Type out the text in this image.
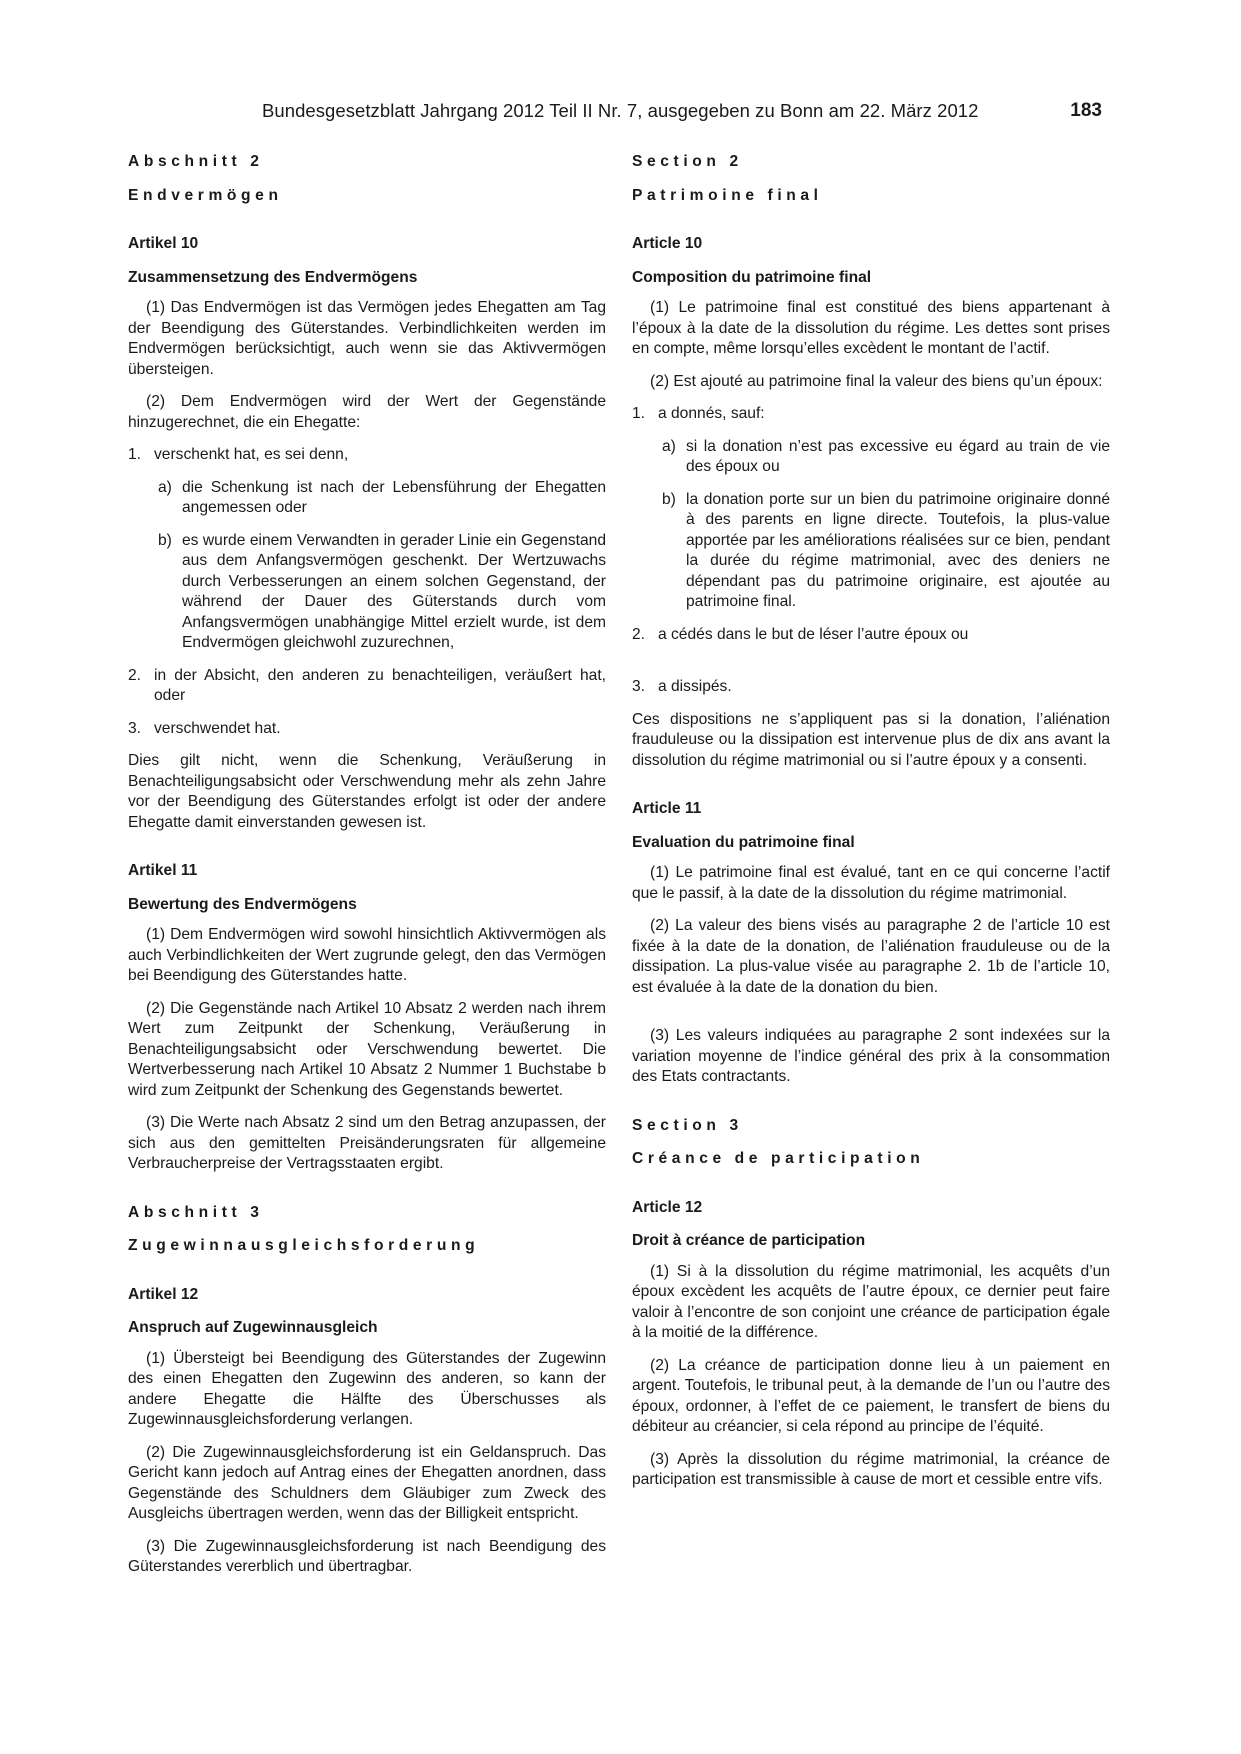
Bundesgesetzblatt Jahrgang 2012 Teil II Nr. 7, ausgegeben zu Bonn am 22. März 2012	183

Abschnitt 2

Endvermögen

Artikel 10

Zusammensetzung des Endvermögens

(1) Das Endvermögen ist das Vermögen jedes Ehegatten am Tag der Beendigung des Güterstandes. Verbindlichkeiten werden im Endvermögen berücksichtigt, auch wenn sie das Aktivvermögen übersteigen.

(2) Dem Endvermögen wird der Wert der Gegenstände hinzugerechnet, die ein Ehegatte:

1. verschenkt hat, es sei denn,
a) die Schenkung ist nach der Lebensführung der Ehegatten angemessen oder
b) es wurde einem Verwandten in gerader Linie ein Gegenstand aus dem Anfangsvermögen geschenkt. Der Wertzuwachs durch Verbesserungen an einem solchen Gegenstand, der während der Dauer des Güterstands durch vom Anfangsvermögen unabhängige Mittel erzielt wurde, ist dem Endvermögen gleichwohl zuzurechnen,
2. in der Absicht, den anderen zu benachteiligen, veräußert hat, oder
3. verschwendet hat.

Dies gilt nicht, wenn die Schenkung, Veräußerung in Benachteiligungsabsicht oder Verschwendung mehr als zehn Jahre vor der Beendigung des Güterstandes erfolgt ist oder der andere Ehegatte damit einverstanden gewesen ist.

Artikel 11

Bewertung des Endvermögens

(1) Dem Endvermögen wird sowohl hinsichtlich Aktivvermögen als auch Verbindlichkeiten der Wert zugrunde gelegt, den das Vermögen bei Beendigung des Güterstandes hatte.

(2) Die Gegenstände nach Artikel 10 Absatz 2 werden nach ihrem Wert zum Zeitpunkt der Schenkung, Veräußerung in Benachteiligungsabsicht oder Verschwendung bewertet. Die Wertverbesserung nach Artikel 10 Absatz 2 Nummer 1 Buchstabe b wird zum Zeitpunkt der Schenkung des Gegenstands bewertet.

(3) Die Werte nach Absatz 2 sind um den Betrag anzupassen, der sich aus den gemittelten Preisänderungsraten für allgemeine Verbraucherpreise der Vertragsstaaten ergibt.

Abschnitt 3

Zugewinnausgleichsforderung

Artikel 12

Anspruch auf Zugewinnausgleich

(1) Übersteigt bei Beendigung des Güterstandes der Zugewinn des einen Ehegatten den Zugewinn des anderen, so kann der andere Ehegatte die Hälfte des Überschusses als Zugewinnausgleichsforderung verlangen.

(2) Die Zugewinnausgleichsforderung ist ein Geldanspruch. Das Gericht kann jedoch auf Antrag eines der Ehegatten anordnen, dass Gegenstände des Schuldners dem Gläubiger zum Zweck des Ausgleichs übertragen werden, wenn das der Billigkeit entspricht.

(3) Die Zugewinnausgleichsforderung ist nach Beendigung des Güterstandes vererblich und übertragbar.

Section 2

Patrimoine final

Article 10

Composition du patrimoine final

(1) Le patrimoine final est constitué des biens appartenant à l’époux à la date de la dissolution du régime. Les dettes sont prises en compte, même lorsqu’elles excèdent le montant de l’actif.

(2) Est ajouté au patrimoine final la valeur des biens qu’un époux:

1. a donnés, sauf:
a) si la donation n’est pas excessive eu égard au train de vie des époux ou
b) la donation porte sur un bien du patrimoine originaire donné à des parents en ligne directe. Toutefois, la plus-value apportée par les améliorations réalisées sur ce bien, pendant la durée du régime matrimonial, avec des deniers ne dépendant pas du patrimoine originaire, est ajoutée au patrimoine final.
2. a cédés dans le but de léser l’autre époux ou
3. a dissipés.

Ces dispositions ne s’appliquent pas si la donation, l’aliénation frauduleuse ou la dissipation est intervenue plus de dix ans avant la dissolution du régime matrimonial ou si l’autre époux y a consenti.

Article 11

Evaluation du patrimoine final

(1) Le patrimoine final est évalué, tant en ce qui concerne l’actif que le passif, à la date de la dissolution du régime matrimonial.

(2) La valeur des biens visés au paragraphe 2 de l’article 10 est fixée à la date de la donation, de l’aliénation frauduleuse ou de la dissipation. La plus-value visée au paragraphe 2. 1b de l’article 10, est évaluée à la date de la donation du bien.

(3) Les valeurs indiquées au paragraphe 2 sont indexées sur la variation moyenne de l’indice général des prix à la consommation des Etats contractants.

Section 3

Créance de participation

Article 12

Droit à créance de participation

(1) Si à la dissolution du régime matrimonial, les acquêts d’un époux excèdent les acquêts de l’autre époux, ce dernier peut faire valoir à l’encontre de son conjoint une créance de participation égale à la moitié de la différence.

(2) La créance de participation donne lieu à un paiement en argent. Toutefois, le tribunal peut, à la demande de l’un ou l’autre des époux, ordonner, à l’effet de ce paiement, le transfert de biens du débiteur au créancier, si cela répond au principe de l’équité.

(3) Après la dissolution du régime matrimonial, la créance de participation est transmissible à cause de mort et cessible entre vifs.
